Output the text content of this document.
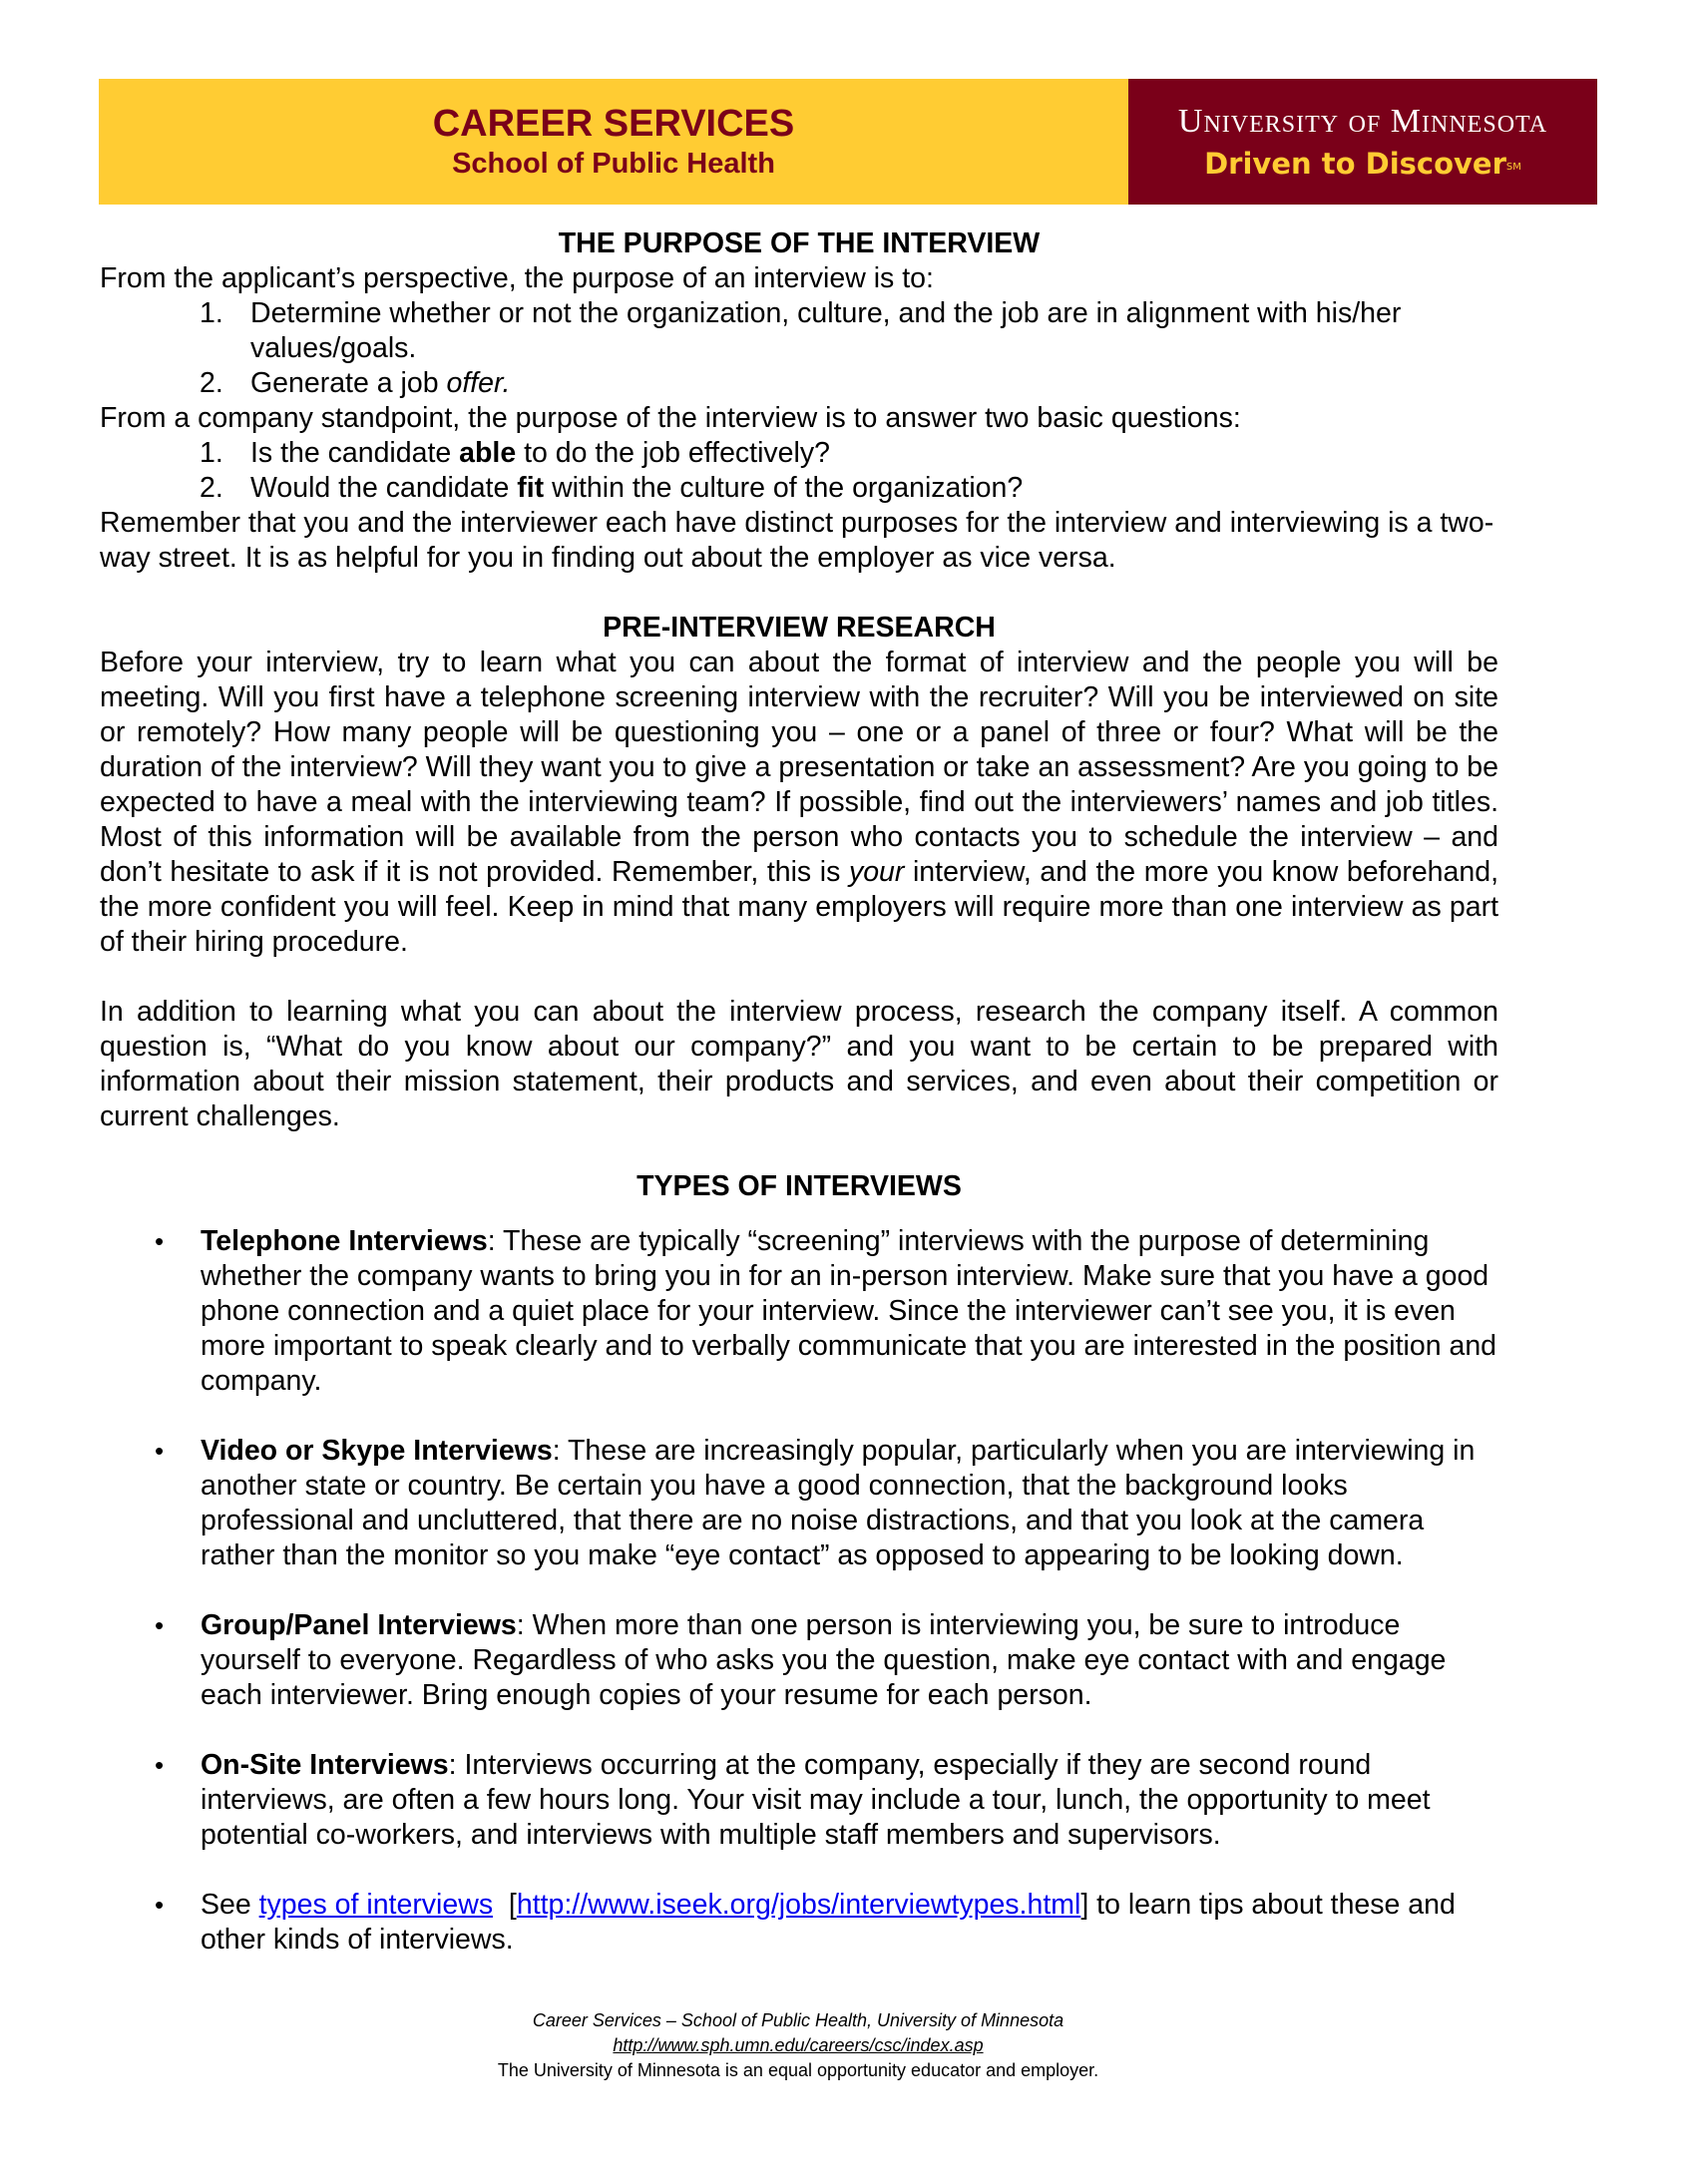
CAREER SERVICES
School of Public Health
University of Minnesota
Driven to Discover℠
THE PURPOSE OF THE INTERVIEW

From the applicant’s perspective, the purpose of an interview is to:

1. Determine whether or not the organization, culture, and the job are in alignment with his/her values/goals.
2. Generate a job offer.

From a company standpoint, the purpose of the interview is to answer two basic questions:

1. Is the candidate able to do the job effectively?
2. Would the candidate fit within the culture of the organization?

Remember that you and the interviewer each have distinct purposes for the interview and interviewing is a two-way street. It is as helpful for you in finding out about the employer as vice versa.

PRE-INTERVIEW RESEARCH

Before your interview, try to learn what you can about the format of interview and the people you will be meeting. Will you first have a telephone screening interview with the recruiter? Will you be interviewed on site or remotely? How many people will be questioning you – one or a panel of three or four? What will be the duration of the interview? Will they want you to give a presentation or take an assessment? Are you going to be expected to have a meal with the interviewing team? If possible, find out the interviewers’ names and job titles. Most of this information will be available from the person who contacts you to schedule the interview – and don’t hesitate to ask if it is not provided. Remember, this is your interview, and the more you know beforehand, the more confident you will feel. Keep in mind that many employers will require more than one interview as part of their hiring procedure.

In addition to learning what you can about the interview process, research the company itself. A common question is, “What do you know about our company?” and you want to be certain to be prepared with information about their mission statement, their products and services, and even about their competition or current challenges.

TYPES OF INTERVIEWS
• Telephone Interviews: These are typically “screening” interviews with the purpose of determining whether the company wants to bring you in for an in-person interview. Make sure that you have a good phone connection and a quiet place for your interview. Since the interviewer can’t see you, it is even more important to speak clearly and to verbally communicate that you are interested in the position and company.
• Video or Skype Interviews: These are increasingly popular, particularly when you are interviewing in another state or country. Be certain you have a good connection, that the background looks professional and uncluttered, that there are no noise distractions, and that you look at the camera rather than the monitor so you make “eye contact” as opposed to appearing to be looking down.
• Group/Panel Interviews: When more than one person is interviewing you, be sure to introduce yourself to everyone. Regardless of who asks you the question, make eye contact with and engage each interviewer. Bring enough copies of your resume for each person.
• On-Site Interviews: Interviews occurring at the company, especially if they are second round interviews, are often a few hours long. Your visit may include a tour, lunch, the opportunity to meet potential co-workers, and interviews with multiple staff members and supervisors.
• See types of interviews  [http://www.iseek.org/jobs/interviewtypes.html] to learn tips about these and other kinds of interviews.
Career Services – School of Public Health, University of Minnesota
http://www.sph.umn.edu/careers/csc/index.asp
The University of Minnesota is an equal opportunity educator and employer.
